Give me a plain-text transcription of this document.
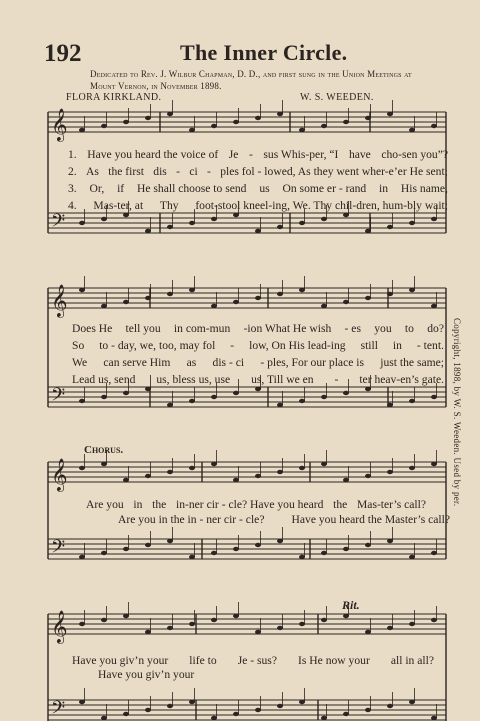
192	The Inner Circle.
Dedicated to Rev. J. Wilbur Chapman, D. D., and first sung in the Union Meetings at Mount Vernon, in November 1898.
FLORA KIRKLAND.	W. S. WEEDEN.
Copyright, 1898, by W. S. Weeden. Used by per.
𝄞
𝄢
𝄞
𝄢
𝄞
𝄢
𝄞
𝄢
1. Have you heard the voice of Je - sus Whis-per, “I have cho-sen you”?
2. As the first dis - ci - ples fol - lowed, As they went wher-e’er He sent;
3. Or, if He shall choose to send us On some er - rand in His name,
4. Mas-ter, at Thy foot-stool kneel-ing, We. Thy chil-dren, hum-bly wait;
Does He tell you in com-mun -ion What He wish - es you to do?
So to - day, we, too, may fol - low, On His lead-ing still in - tent.
We can serve Him as dis - ci - ples, For our place is just the same;
Lead us, send us, bless us, use us, Till we en - ter heav-en’s gate.
Chorus.
Are you in the in-ner cir - cle? Have you heard the Mas-ter’s call?
Are you in the in - ner cir - cle? Have you heard the Master’s call?
Rit.
Have you giv’n your life to Je - sus? Is He now your all in all?
Have you giv’n your
